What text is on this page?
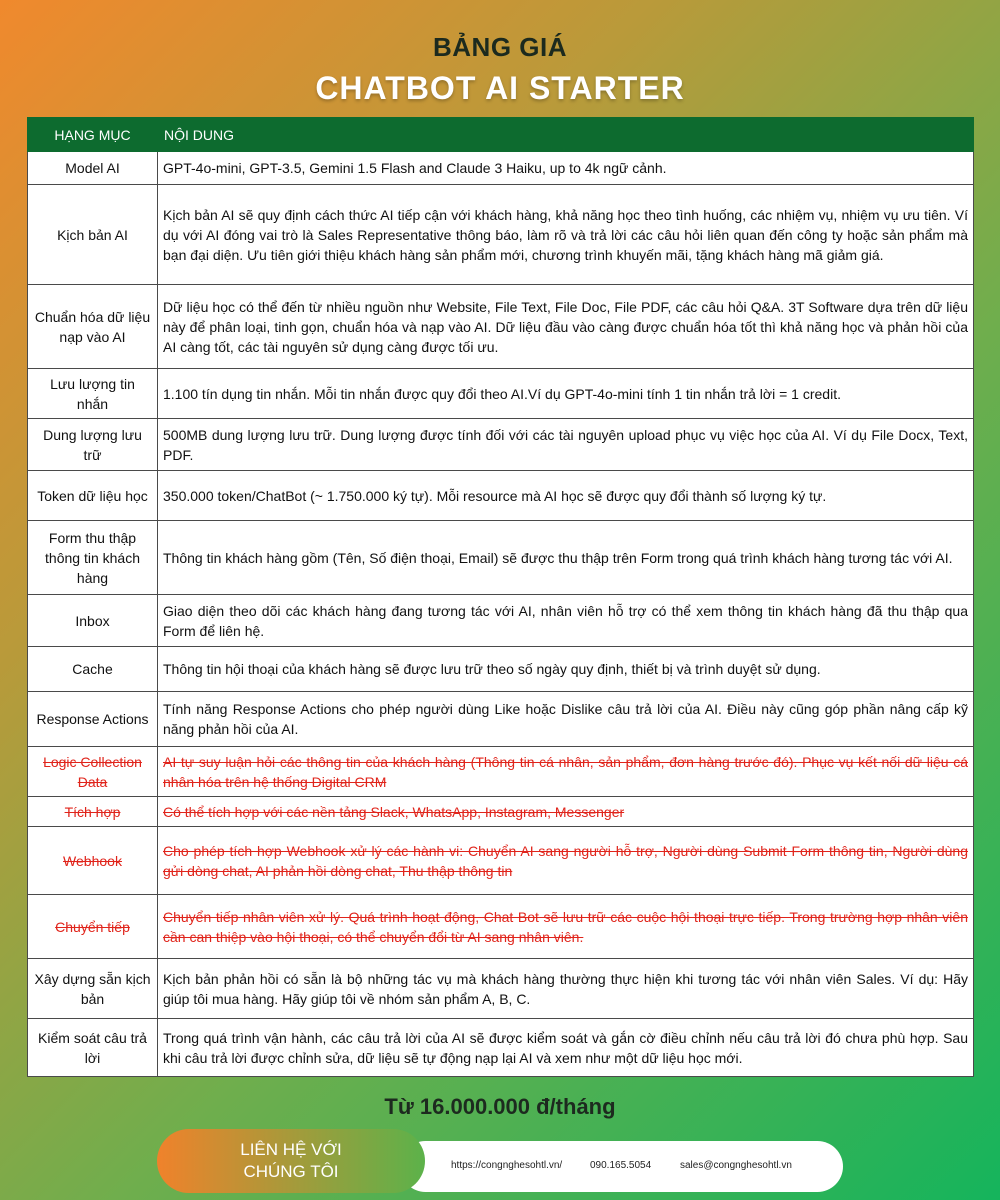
BẢNG GIÁ
CHATBOT AI STARTER
HẠNG MỤC	NỘI DUNG
Model AI	GPT-4o-mini, GPT-3.5, Gemini 1.5 Flash and Claude 3 Haiku, up to 4k ngữ cảnh.
Kịch bản AI	Kịch bản AI sẽ quy định cách thức AI tiếp cận với khách hàng, khả năng học theo tình huống, các nhiệm vụ, nhiệm vụ ưu tiên. Ví dụ với AI đóng vai trò là Sales Representative thông báo, làm rõ và trả lời các câu hỏi liên quan đến công ty hoặc sản phẩm mà bạn đại diện. Ưu tiên giới thiệu khách hàng sản phẩm mới, chương trình khuyến mãi, tặng khách hàng mã giảm giá.
Chuẩn hóa dữ liệu nạp vào AI	Dữ liệu học có thể đến từ nhiều nguồn như Website, File Text, File Doc, File PDF, các câu hỏi Q&A. 3T Software dựa trên dữ liệu này để phân loại, tinh gọn, chuẩn hóa và nạp vào AI. Dữ liệu đầu vào càng được chuẩn hóa tốt thì khả năng học và phản hồi của AI càng tốt, các tài nguyên sử dụng càng được tối ưu.
Lưu lượng tin nhắn	1.100 tín dụng tin nhắn. Mỗi tin nhắn được quy đổi theo AI.Ví dụ GPT-4o-mini tính 1 tin nhắn trả lời = 1 credit.
Dung lượng lưu trữ	500MB dung lượng lưu trữ. Dung lượng được tính đối với các tài nguyên upload phục vụ việc học của AI. Ví dụ File Docx, Text, PDF.
Token dữ liệu học	350.000 token/ChatBot (~ 1.750.000 ký tự). Mỗi resource mà AI học sẽ được quy đổi thành số lượng ký tự.
Form thu thập thông tin khách hàng	Thông tin khách hàng gồm (Tên, Số điện thoại, Email) sẽ được thu thập trên Form trong quá trình khách hàng tương tác với AI.
Inbox	Giao diện theo dõi các khách hàng đang tương tác với AI, nhân viên hỗ trợ có thể xem thông tin khách hàng đã thu thập qua Form để liên hệ.
Cache	Thông tin hội thoại của khách hàng sẽ được lưu trữ theo số ngày quy định, thiết bị và trình duyệt sử dụng.
Response Actions	Tính năng Response Actions cho phép người dùng Like hoặc Dislike câu trả lời của AI. Điều này cũng góp phần nâng cấp kỹ năng phản hồi của AI.
Logic Collection Data	AI tự suy luận hỏi các thông tin của khách hàng (Thông tin cá nhân, sản phẩm, đơn hàng trước đó). Phục vụ kết nối dữ liệu cá nhân hóa trên hệ thống Digital CRM
Tích hợp	Có thể tích hợp với các nền tảng Slack, WhatsApp, Instagram, Messenger
Webhook	Cho phép tích hợp Webhook xử lý các hành vi: Chuyển AI sang người hỗ trợ, Người dùng Submit Form thông tin, Người dùng gửi dòng chat, AI phản hồi dòng chat, Thu thập thông tin
Chuyển tiếp	Chuyển tiếp nhân viên xử lý. Quá trình hoạt động, Chat Bot sẽ lưu trữ các cuộc hội thoại trực tiếp. Trong trường hợp nhân viên cần can thiệp vào hội thoại, có thể chuyển đổi từ AI sang nhân viên.
Xây dựng sẵn kịch bản	Kịch bản phản hồi có sẵn là bộ những tác vụ mà khách hàng thường thực hiện khi tương tác với nhân viên Sales. Ví dụ: Hãy giúp tôi mua hàng. Hãy giúp tôi về nhóm sản phẩm A, B, C.
Kiểm soát câu trả lời	Trong quá trình vận hành, các câu trả lời của AI sẽ được kiểm soát và gắn cờ điều chỉnh nếu câu trả lời đó chưa phù hợp. Sau khi câu trả lời được chỉnh sửa, dữ liệu sẽ tự động nạp lại AI và xem như một dữ liệu học mới.
Từ 16.000.000 đ/tháng
LIÊN HỆ VỚI
CHÚNG TÔI	https://congnghesohtl.vn/	090.165.5054	sales@congnghesohtl.vn
